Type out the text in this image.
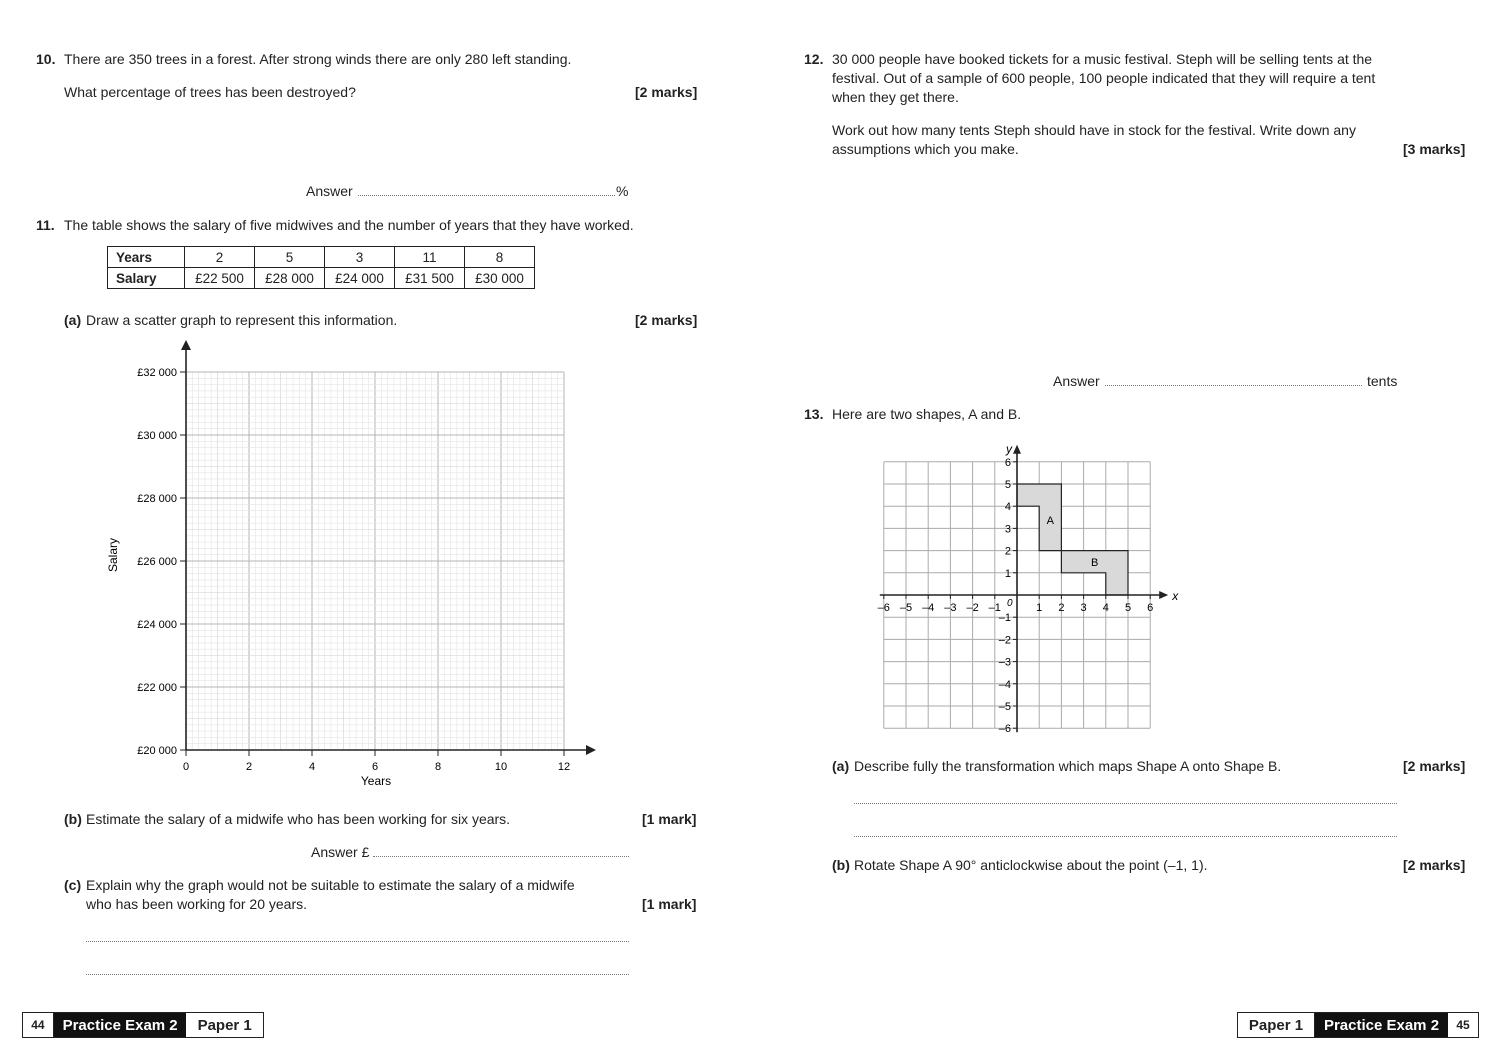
10. There are 350 trees in a forest. After strong winds there are only 280 left standing.
What percentage of trees has been destroyed?	[2 marks]
Answer	%
11. The table shows the salary of five midwives and the number of years that they have worked.
Years	2	5	3	11	8
Salary	£22 500	£28 000	£24 000	£31 500	£30 000
(a) Draw a scatter graph to represent this information.	[2 marks]
0	2	4	6	8	10	12
£20 000
£22 000
£24 000
£26 000
£28 000
£30 000
£32 000
Salary
Years
(b) Estimate the salary of a midwife who has been working for six years.	[1 mark]
Answer £
(c) Explain why the graph would not be suitable to estimate the salary of a midwife
who has been working for 20 years.	[1 mark]
44	Practice Exam 2	Paper 1
12. 30 000 people have booked tickets for a music festival. Steph will be selling tents at the
festival. Out of a sample of 600 people, 100 people indicated that they will require a tent
when they get there.
Work out how many tents Steph should have in stock for the festival. Write down any
assumptions which you make.	[3 marks]
Answer	tents
13. Here are two shapes, A and B.
x
y
0
–6 –5 –4 –3 –2 –1	1 2 3 4 5 6
1
2
3
4
5
6
–1
–2
–3
–4
–5
–6
A
B
(a) Describe fully the transformation which maps Shape A onto Shape B.	[2 marks]
(b) Rotate Shape A 90° anticlockwise about the point (–1, 1).	[2 marks]
Paper 1	Practice Exam 2	45
